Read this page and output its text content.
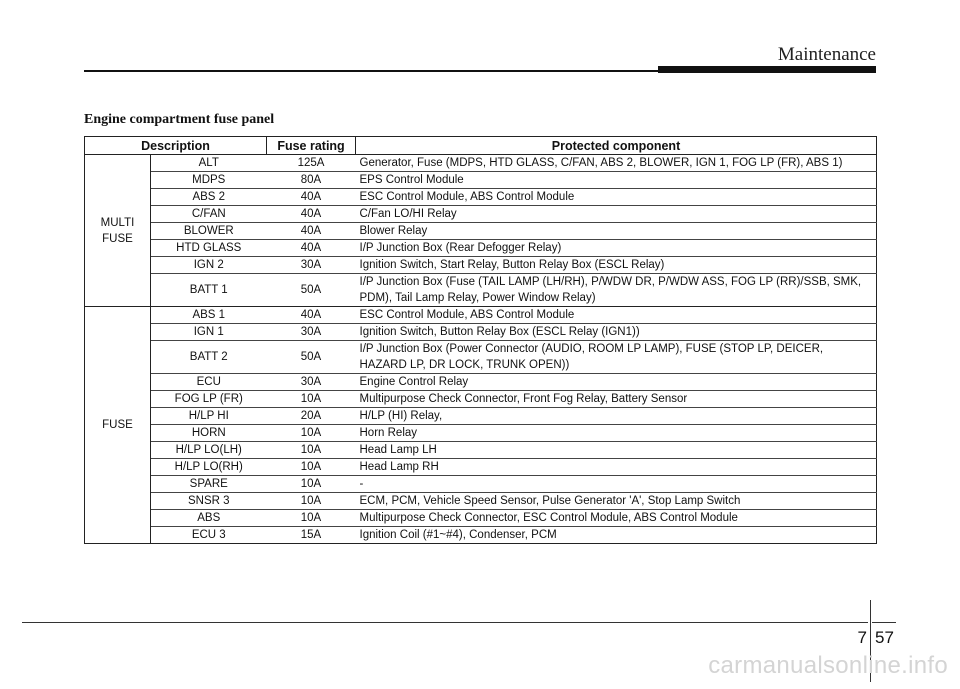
Maintenance
Engine compartment fuse panel
Description		Fuse rating	Protected component
MULTI FUSE	ALT	125A	Generator, Fuse (MDPS, HTD GLASS, C/FAN, ABS 2, BLOWER, IGN 1, FOG LP (FR), ABS 1)
	MDPS	80A	EPS Control Module
	ABS 2	40A	ESC Control Module, ABS Control Module
	C/FAN	40A	C/Fan LO/HI Relay
	BLOWER	40A	Blower Relay
	HTD GLASS	40A	I/P Junction Box (Rear Defogger Relay)
	IGN 2	30A	Ignition Switch, Start Relay, Button Relay Box (ESCL Relay)
	BATT 1	50A	I/P Junction Box (Fuse (TAIL LAMP (LH/RH), P/WDW DR, P/WDW ASS, FOG LP (RR)/SSB, SMK, PDM), Tail Lamp Relay, Power Window Relay)
FUSE	ABS 1	40A	ESC Control Module, ABS Control Module
	IGN 1	30A	Ignition Switch, Button Relay Box (ESCL Relay (IGN1))
	BATT 2	50A	I/P Junction Box (Power Connector (AUDIO, ROOM LP LAMP), FUSE (STOP LP, DEICER, HAZARD LP, DR LOCK, TRUNK OPEN))
	ECU	30A	Engine Control Relay
	FOG LP (FR)	10A	Multipurpose Check Connector, Front Fog Relay, Battery Sensor
	H/LP HI	20A	H/LP (HI) Relay,
	HORN	10A	Horn Relay
	H/LP LO(LH)	10A	Head Lamp LH
	H/LP LO(RH)	10A	Head Lamp RH
	SPARE	10A	-
	SNSR 3	10A	ECM, PCM, Vehicle Speed Sensor, Pulse Generator 'A', Stop Lamp Switch
	ABS	10A	Multipurpose Check Connector, ESC Control Module, ABS Control Module
	ECU 3	15A	Ignition Coil (#1~#4), Condenser, PCM
7 57
carmanualsonline.info
